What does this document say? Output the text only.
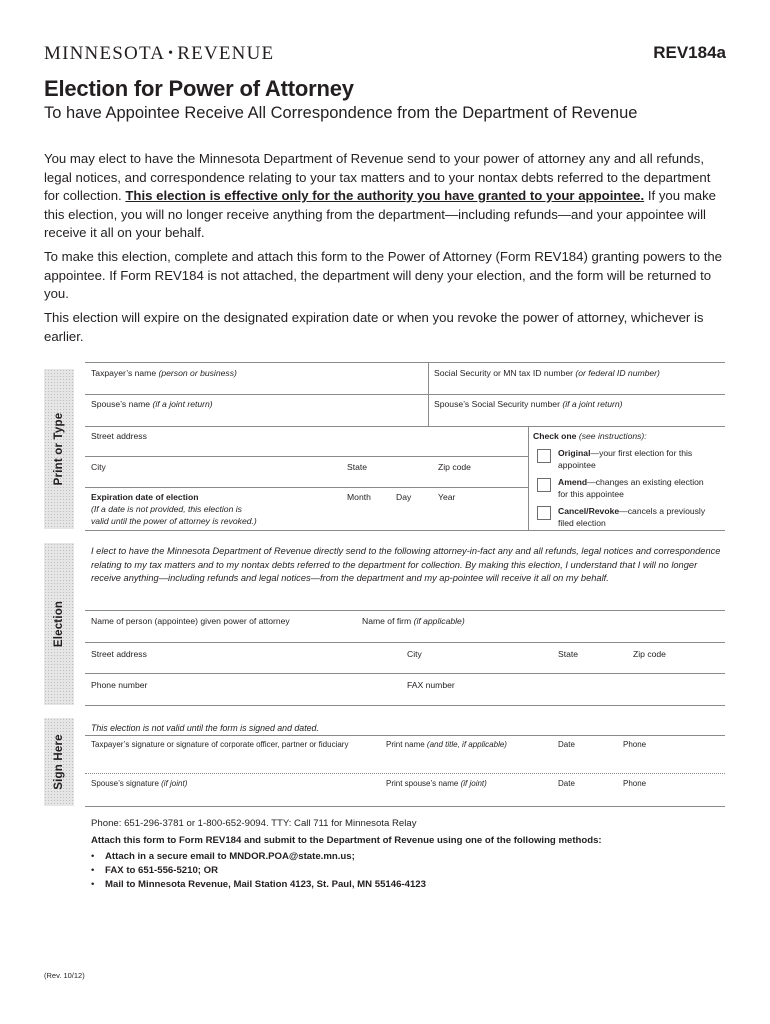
MINNESOTA • REVENUE	REV184a
Election for Power of Attorney
To have Appointee Receive All Correspondence from the Department of Revenue
You may elect to have the Minnesota Department of Revenue send to your power of attorney any and all refunds, legal notices, and correspondence relating to your tax matters and to your nontax debts referred to the department for collection. This election is effective only for the authority you have granted to your appointee. If you make this election, you will no longer receive anything from the department—including refunds—and your appointee will receive it all on your behalf.
To make this election, complete and attach this form to the Power of Attorney (Form REV184) granting powers to the appointee. If Form REV184 is not attached, the department will deny your election, and the form will be returned to you.
This election will expire on the designated expiration date or when you revoke the power of attorney, whichever is earlier.
Print or Type
Taxpayer’s name (person or business)	Social Security or MN tax ID number (or federal ID number)
Spouse’s name (if a joint return)	Spouse’s Social Security number (if a joint return)
Street address
City	State	Zip code
Expiration date of election
(If a date is not provided, this election is
valid until the power of attorney is revoked.)
Month	Day	Year
Check one (see instructions):
Original—your first election for this
appointee
Amend—changes an existing election
for this appointee
Cancel/Revoke—cancels a previously
filed election
Election
I elect to have the Minnesota Department of Revenue directly send to the following attorney-in-fact any and all refunds, legal notices and correspondence relating to my tax matters and to my nontax debts referred to the department for collection. By making this election, I understand that I will no longer receive anything—including refunds and legal notices—from the department and my ap-pointee will receive it all on my behalf.
Name of person (appointee) given power of attorney	Name of firm (if applicable)
Street address	City	State	Zip code
Phone number	FAX number
Sign Here
This election is not valid until the form is signed and dated.
Taxpayer’s signature or signature of corporate officer, partner or fiduciary	Print name (and title, if applicable)	Date	Phone
Spouse’s signature (if joint)	Print spouse’s name (if joint)	Date	Phone
Phone: 651-296-3781 or 1-800-652-9094. TTY: Call 711 for Minnesota Relay
Attach this form to Form REV184 and submit to the Department of Revenue using one of the following methods:
• Attach in a secure email to MNDOR.POA@state.mn.us;
• FAX to 651-556-5210; OR
• Mail to Minnesota Revenue, Mail Station 4123, St. Paul, MN 55146-4123
(Rev. 10/12)
